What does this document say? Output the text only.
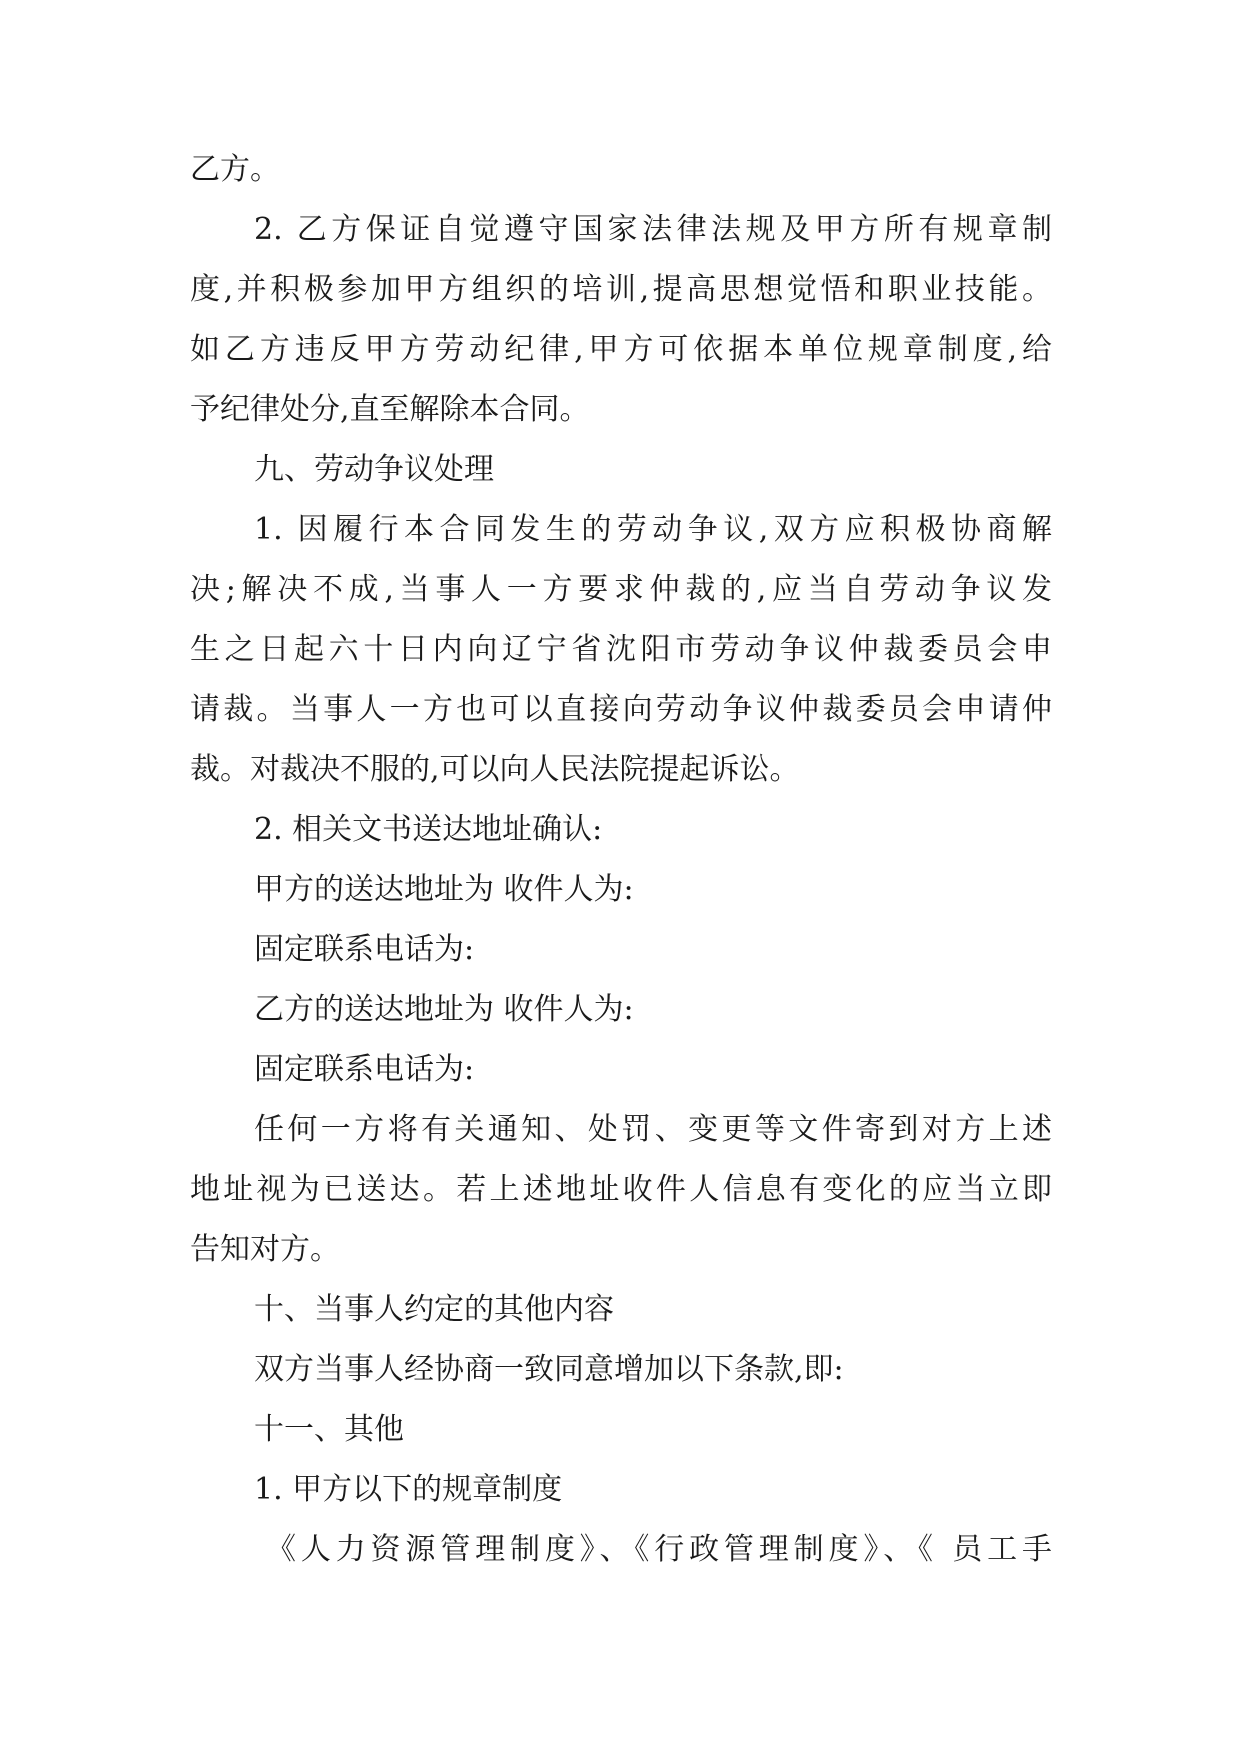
乙方。
2. 乙方保证自觉遵守国家法律法规及甲方所有规章制
度,并积极参加甲方组织的培训,提高思想觉悟和职业技能。
如乙方违反甲方劳动纪律,甲方可依据本单位规章制度,给
予纪律处分,直至解除本合同。
九、劳动争议处理
1. 因履行本合同发生的劳动争议,双方应积极协商解
决;解决不成,当事人一方要求仲裁的,应当自劳动争议发
生之日起六十日内向辽宁省沈阳市劳动争议仲裁委员会申
请裁。当事人一方也可以直接向劳动争议仲裁委员会申请仲
裁。对裁决不服的,可以向人民法院提起诉讼。
2. 相关文书送达地址确认:
甲方的送达地址为 收件人为:
固定联系电话为:
乙方的送达地址为 收件人为:
固定联系电话为:
任何一方将有关通知、处罚、变更等文件寄到对方上述
地址视为已送达。若上述地址收件人信息有变化的应当立即
告知对方。
十、当事人约定的其他内容
双方当事人经协商一致同意增加以下条款,即:
十一、其他
1. 甲方以下的规章制度
《人力资源管理制度》、《行政管理制度》、《 员工手
